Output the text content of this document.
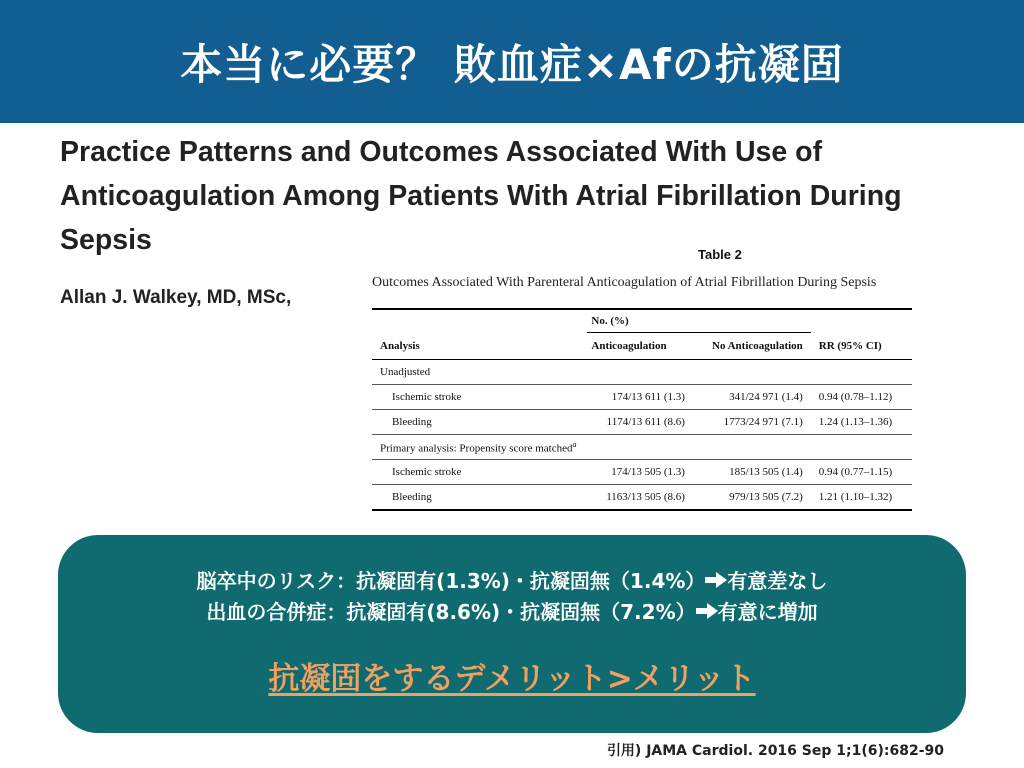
本当に必要？ 敗血症×Afの抗凝固

Practice Patterns and Outcomes Associated With Use of Anticoagulation Among Patients With Atrial Fibrillation During Sepsis

Allan J. Walkey, MD, MSc,
Table 2
Outcomes Associated With Parenteral Anticoagulation of Atrial Fibrillation During Sepsis

	No. (%)		
Analysis	Anticoagulation	No Anticoagulation	RR (95% CI)
Unadjusted			
Ischemic stroke	174/13 611 (1.3)	341/24 971 (1.4)	0.94 (0.78–1.12)
Bleeding	1174/13 611 (8.6)	1773/24 971 (7.1)	1.24 (1.13–1.36)
Primary analysis: Propensity score matched$^a$
Ischemic stroke	174/13 505 (1.3)	185/13 505 (1.4)	0.94 (0.77–1.15)
Bleeding	1163/13 505 (8.6)	979/13 505 (7.2)	1.21 (1.10–1.32)
脳卒中のリスク：抗凝固有(1.3%)・抗凝固無（1.4%） 有意差なし
出血の合併症：抗凝固有(8.6%)・抗凝固無（7.2%） 有意に増加
抗凝固をするデメリット>メリット
引用) JAMA Cardiol. 2016 Sep 1;1(6):682-90
